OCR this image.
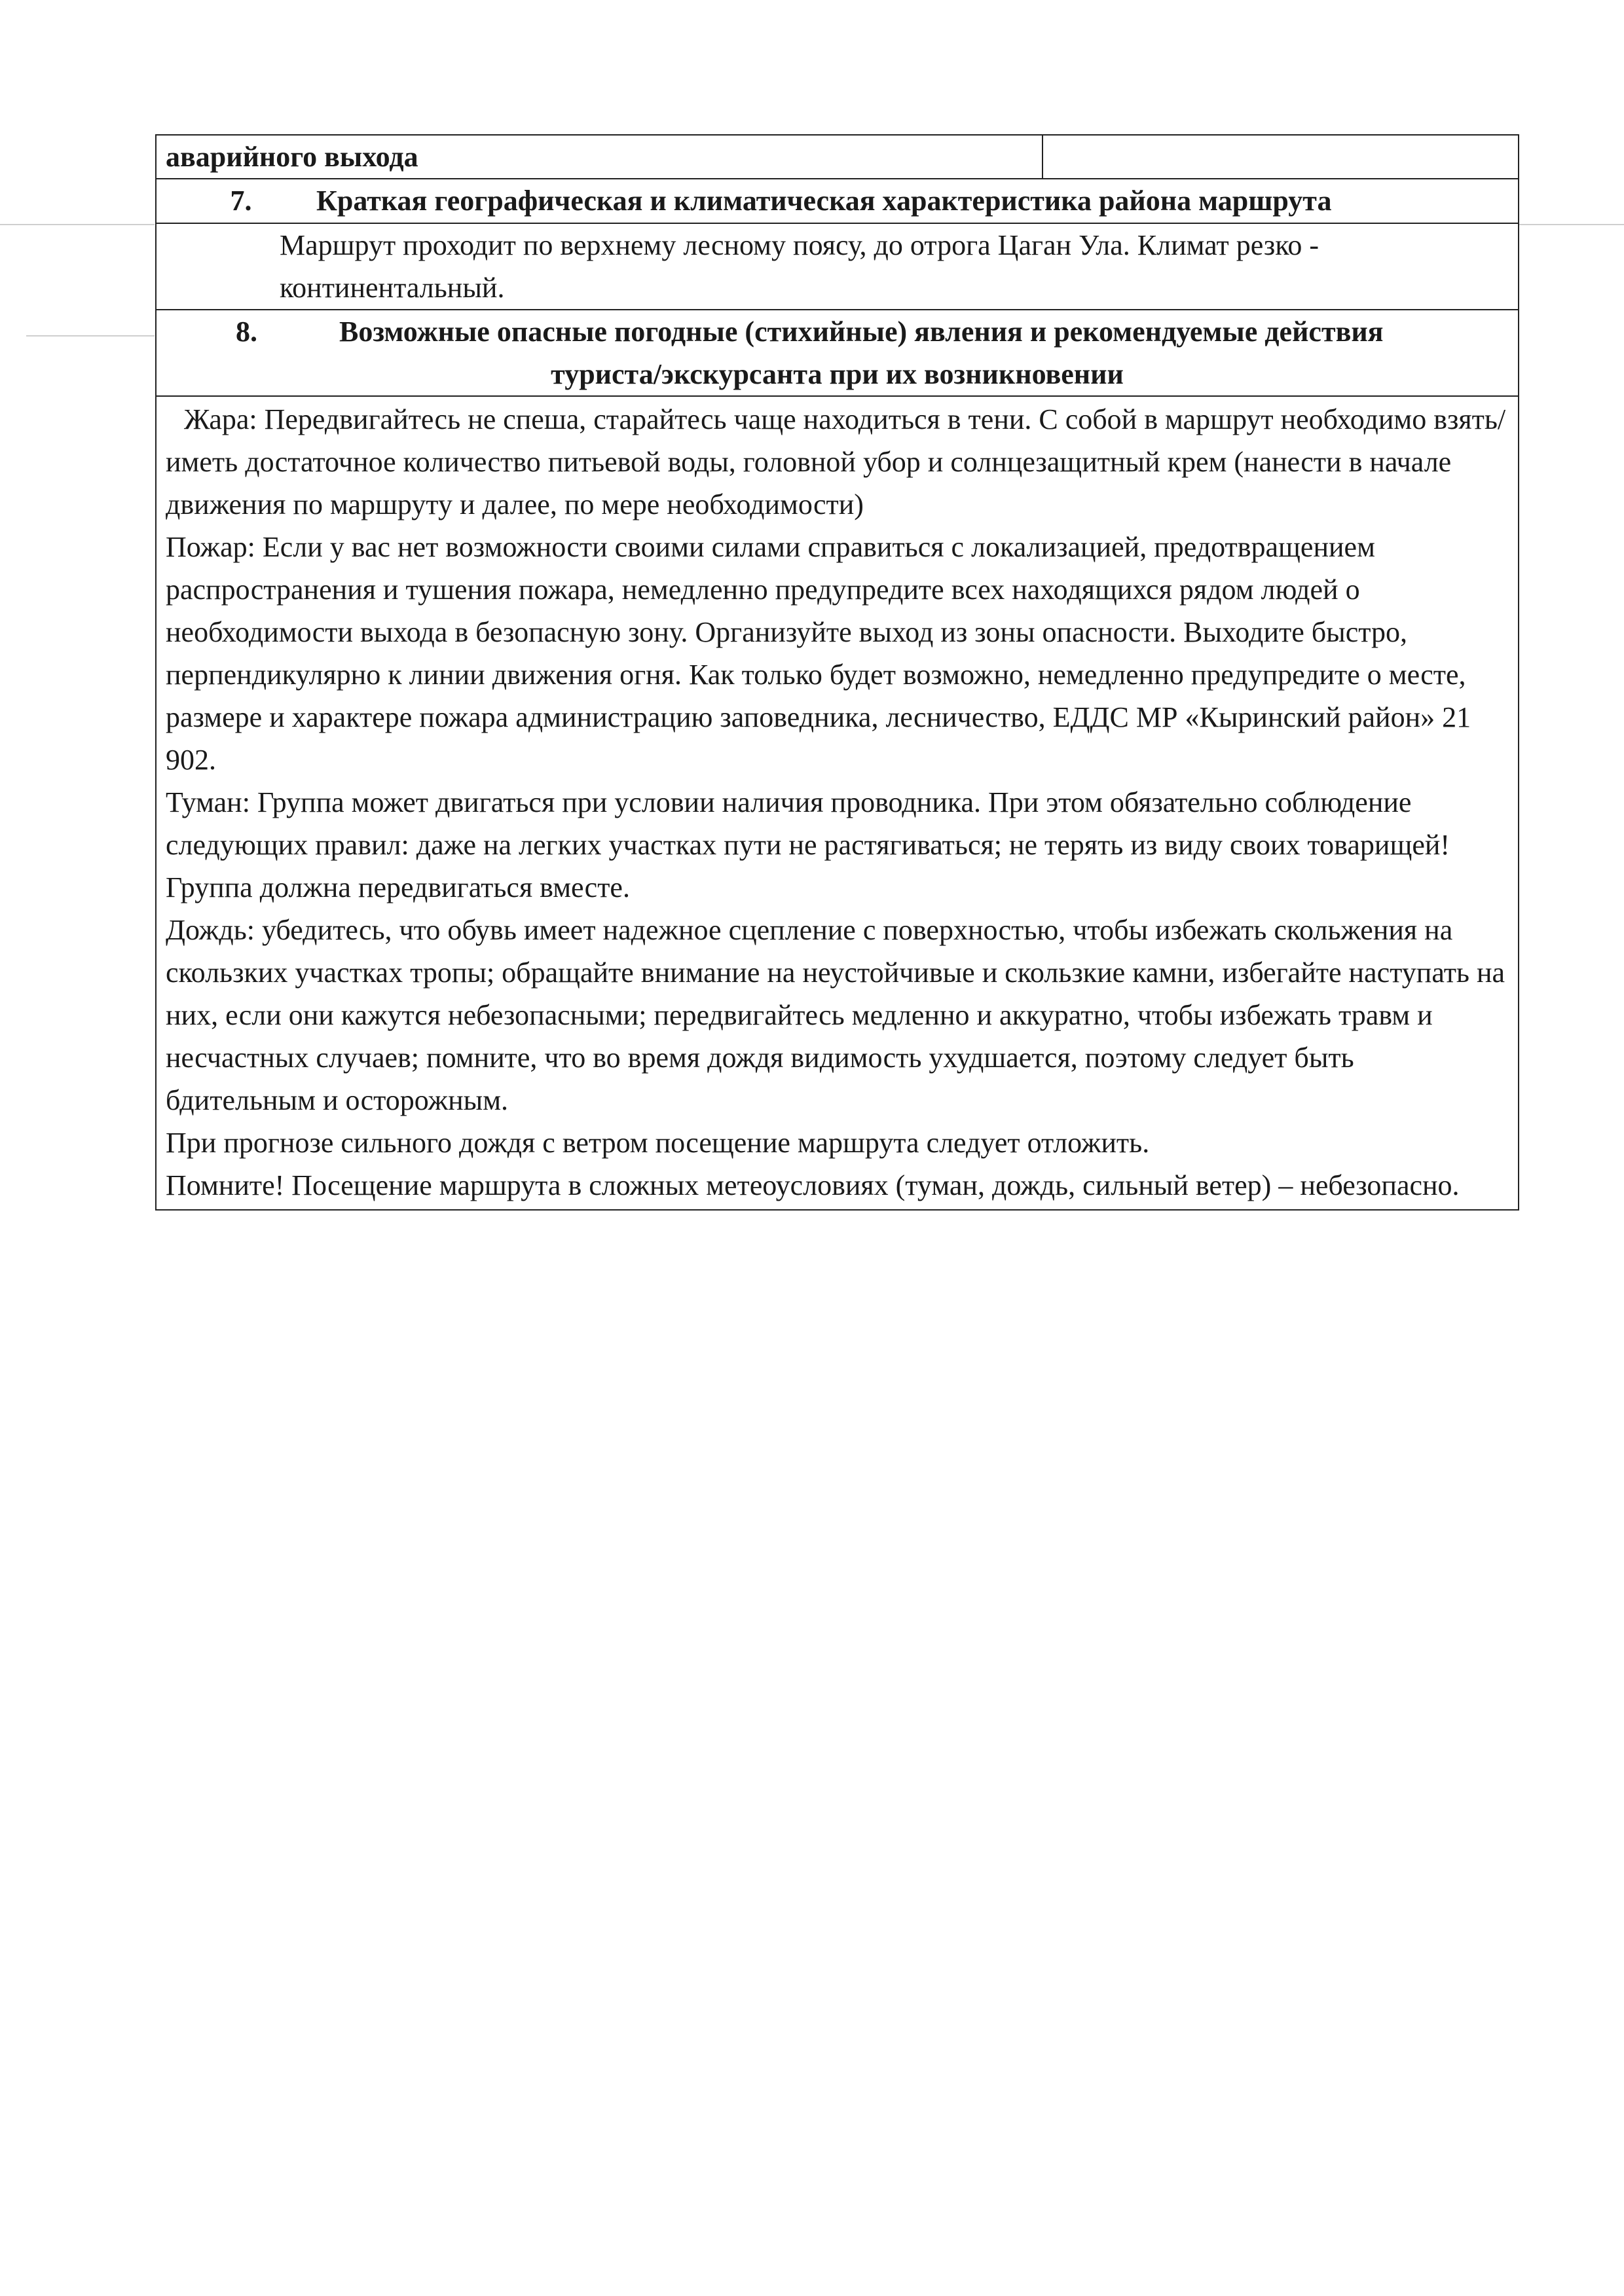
аварийного выхода	
7. Краткая географическая и климатическая характеристика района маршрута

Маршрут проходит по верхнему лесному поясу, до отрога Цаган Ула. Климат резко -
континентальный.

8.	Возможные опасные погодные (стихийные) явления и рекомендуемые действия
туриста/экскурсанта при их возникновении

Жара: Передвигайтесь не спеша, старайтесь чаще находиться в тени. С собой в маршрут необходимо взять/иметь достаточное количество питьевой воды, головной убор и солнцезащитный крем (нанести в начале движения по маршруту и далее, по мере необходимости)

Пожар: Если у вас нет возможности своими силами справиться с локализацией, предотвращением распространения и тушения пожара, немедленно предупредите всех находящихся рядом людей о необходимости выхода в безопасную зону. Организуйте выход из зоны опасности. Выходите быстро, перпендикулярно к линии движения огня. Как только будет возможно, немедленно предупредите о месте, размере и характере пожара администрацию заповедника, лесничество, ЕДДС МР «Кыринский район» 21 902.

Туман: Группа может двигаться при условии наличия проводника. При этом обязательно соблюдение следующих правил: даже на легких участках пути не растягиваться; не терять из виду своих товарищей! Группа должна передвигаться вместе.

Дождь: убедитесь, что обувь имеет надежное сцепление с поверхностью, чтобы избежать скольжения на скользких участках тропы; обращайте внимание на неустойчивые и скользкие камни, избегайте наступать на них, если они кажутся небезопасными; передвигайтесь медленно и аккуратно, чтобы избежать травм и несчастных случаев; помните, что во время дождя видимость ухудшается, поэтому следует быть бдительным и осторожным.

При прогнозе сильного дождя с ветром посещение маршрута следует отложить.

Помните! Посещение маршрута в сложных метеоусловиях (туман, дождь, сильный ветер) – небезопасно.
